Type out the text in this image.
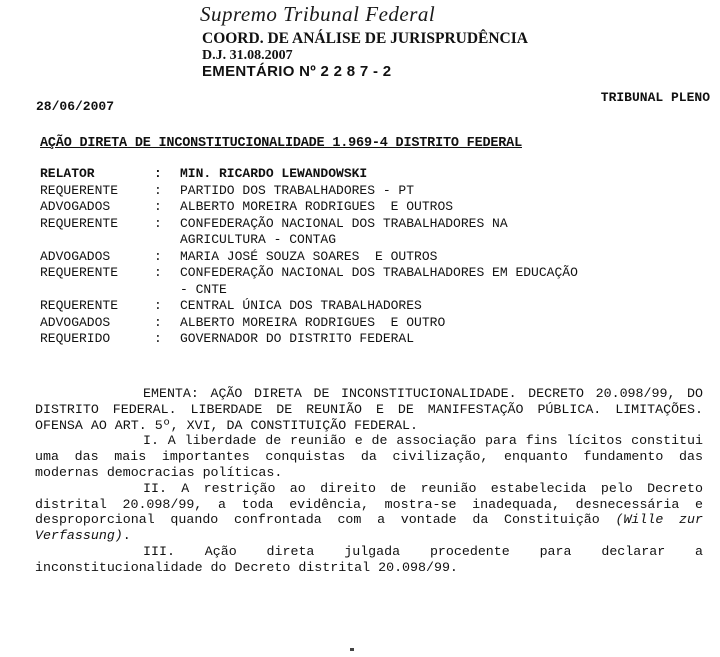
Supremo Tribunal Federal
COORD. DE ANÁLISE DE JURISPRUDÊNCIA
D.J. 31.08.2007
EMENTÁRIO Nº 2 2 8 7 - 2
28/06/2007
TRIBUNAL PLENO
AÇÃO DIRETA DE INCONSTITUCIONALIDADE 1.969-4 DISTRITO FEDERAL
RELATOR	:	MIN. RICARDO LEWANDOWSKI
REQUERENTE	:	PARTIDO DOS TRABALHADORES - PT
ADVOGADOS	:	ALBERTO MOREIRA RODRIGUES  E OUTROS
REQUERENTE	:	CONFEDERAÇÃO NACIONAL DOS TRABALHADORES NA
AGRICULTURA - CONTAG
ADVOGADOS	:	MARIA JOSÉ SOUZA SOARES  E OUTROS
REQUERENTE	:	CONFEDERAÇÃO NACIONAL DOS TRABALHADORES EM EDUCAÇÃO
- CNTE
REQUERENTE	:	CENTRAL ÚNICA DOS TRABALHADORES
ADVOGADOS	:	ALBERTO MOREIRA RODRIGUES  E OUTRO
REQUERIDO	:	GOVERNADOR DO DISTRITO FEDERAL

EMENTA: AÇÃO DIRETA DE INCONSTITUCIONALIDADE. DECRETO 20.098/99, DO DISTRITO FEDERAL. LIBERDADE DE REUNIÃO E DE MANIFESTAÇÃO PÚBLICA. LIMITAÇÕES. OFENSA AO ART. 5º, XVI, DA CONSTITUIÇÃO FEDERAL.

I. A liberdade de reunião e de associação para fins lícitos constitui uma das mais importantes conquistas da civilização, enquanto fundamento das modernas democracias políticas.

II. A restrição ao direito de reunião estabelecida pelo Decreto distrital 20.098/99, a toda evidência, mostra-se inadequada, desnecessária e desproporcional quando confrontada com a vontade da Constituição (Wille zur Verfassung).

III. Ação direta julgada procedente para declarar a inconstitucionalidade do Decreto distrital 20.098/99.
